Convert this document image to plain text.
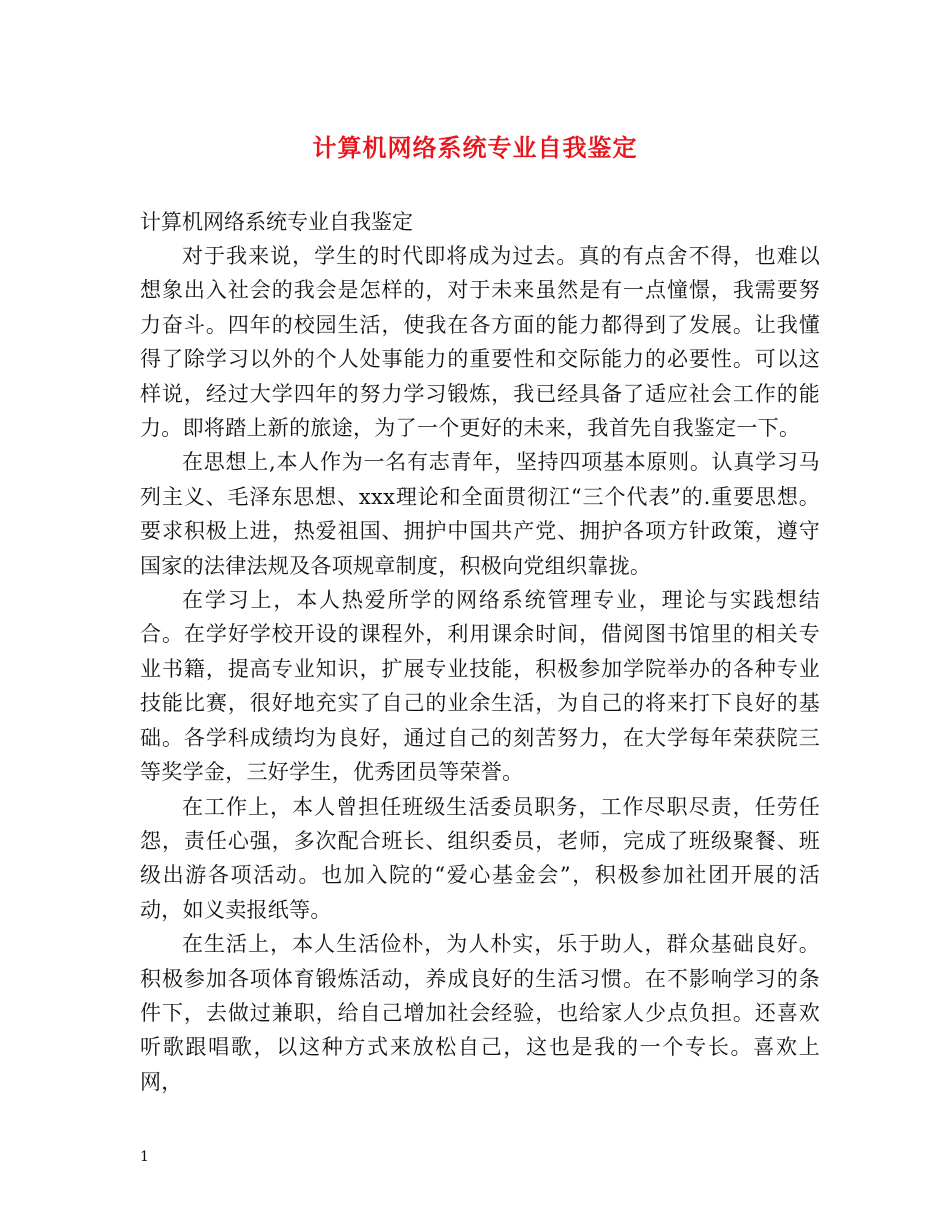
计算机网络系统专业自我鉴定

计算机网络系统专业自我鉴定

对于我来说，学生的时代即将成为过去。真的有点舍不得，也难以想象出入社会的我会是怎样的，对于未来虽然是有一点憧憬，我需要努力奋斗。四年的校园生活，使我在各方面的能力都得到了发展。让我懂得了除学习以外的个人处事能力的重要性和交际能力的必要性。可以这样说，经过大学四年的努力学习锻炼，我已经具备了适应社会工作的能力。即将踏上新的旅途，为了一个更好的未来，我首先自我鉴定一下。

在思想上,本人作为一名有志青年，坚持四项基本原则。认真学习马列主义、毛泽东思想、xxx理论和全面贯彻江“三个代表”的.重要思想。要求积极上进，热爱祖国、拥护中国共产党、拥护各项方针政策，遵守国家的法律法规及各项规章制度，积极向党组织靠拢。

在学习上，本人热爱所学的网络系统管理专业，理论与实践想结合。在学好学校开设的课程外，利用课余时间，借阅图书馆里的相关专业书籍，提高专业知识，扩展专业技能，积极参加学院举办的各种专业技能比赛，很好地充实了自己的业余生活，为自己的将来打下良好的基础。各学科成绩均为良好，通过自己的刻苦努力，在大学每年荣获院三等奖学金，三好学生，优秀团员等荣誉。

在工作上，本人曾担任班级生活委员职务，工作尽职尽责，任劳任怨，责任心强，多次配合班长、组织委员，老师，完成了班级聚餐、班级出游各项活动。也加入院的“爱心基金会”，积极参加社团开展的活动，如义卖报纸等。

在生活上，本人生活俭朴，为人朴实，乐于助人，群众基础良好。积极参加各项体育锻炼活动，养成良好的生活习惯。在不影响学习的条件下，去做过兼职，给自己增加社会经验，也给家人少点负担。还喜欢听歌跟唱歌，以这种方式来放松自己，这也是我的一个专长。喜欢上网，

1
